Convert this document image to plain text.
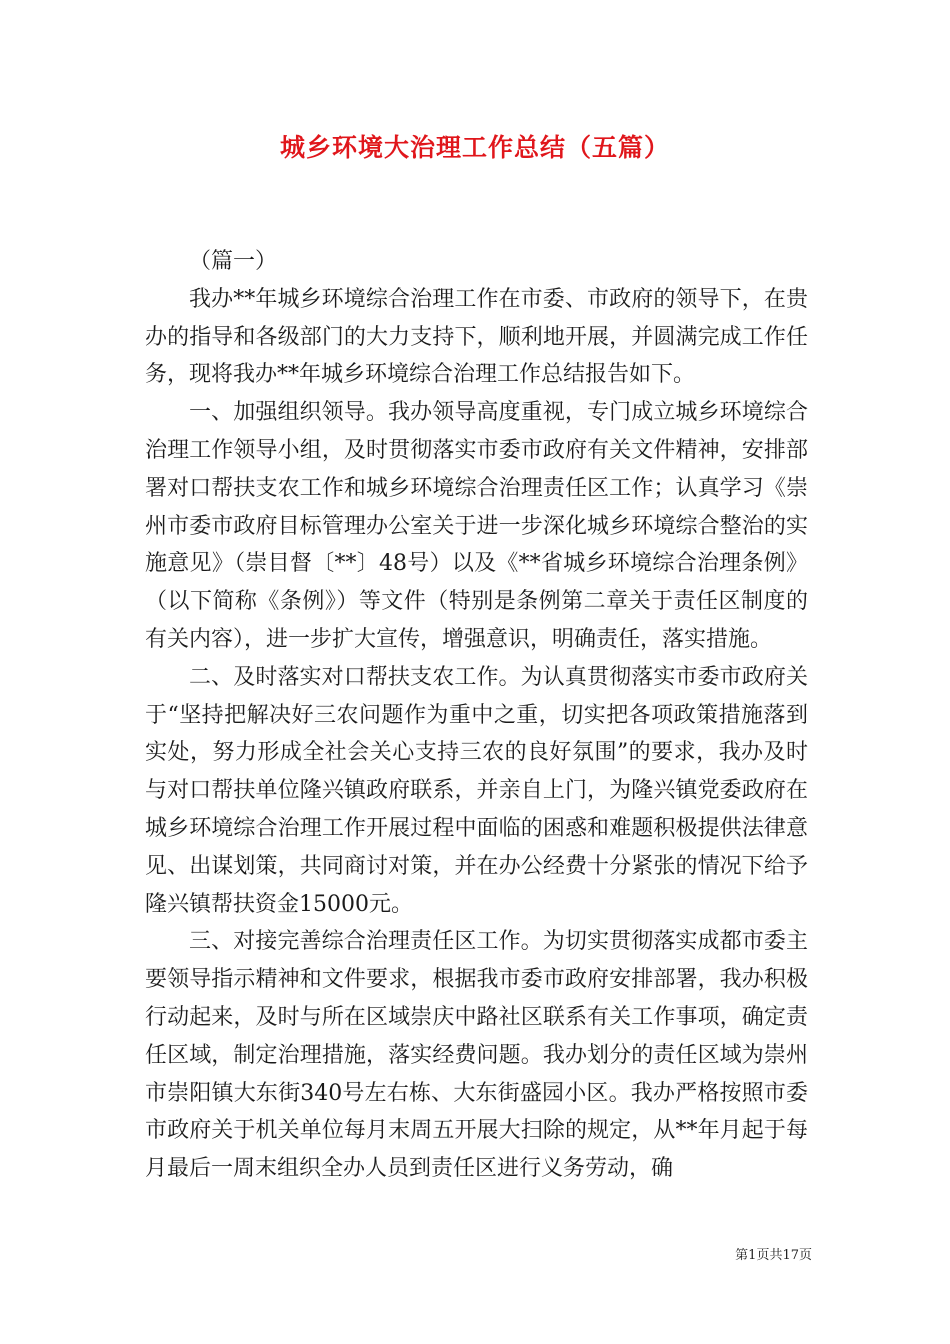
城乡环境大治理工作总结（五篇）

（篇一）

我办**年城乡环境综合治理工作在市委、市政府的领导下，在贵办的指导和各级部门的大力支持下，顺利地开展，并圆满完成工作任务，现将我办**年城乡环境综合治理工作总结报告如下。

一、加强组织领导。我办领导高度重视，专门成立城乡环境综合治理工作领导小组，及时贯彻落实市委市政府有关文件精神，安排部署对口帮扶支农工作和城乡环境综合治理责任区工作；认真学习《崇州市委市政府目标管理办公室关于进一步深化城乡环境综合整治的实施意见》（崇目督〔**〕48号）以及《**省城乡环境综合治理条例》（以下简称《条例》）等文件（特别是条例第二章关于责任区制度的有关内容），进一步扩大宣传，增强意识，明确责任，落实措施。

二、及时落实对口帮扶支农工作。为认真贯彻落实市委市政府关于“坚持把解决好三农问题作为重中之重，切实把各项政策措施落到实处，努力形成全社会关心支持三农的良好氛围”的要求，我办及时与对口帮扶单位隆兴镇政府联系，并亲自上门，为隆兴镇党委政府在城乡环境综合治理工作开展过程中面临的困惑和难题积极提供法律意见、出谋划策，共同商讨对策，并在办公经费十分紧张的情况下给予隆兴镇帮扶资金15000元。

三、对接完善综合治理责任区工作。为切实贯彻落实成都市委主要领导指示精神和文件要求，根据我市委市政府安排部署，我办积极行动起来，及时与所在区域崇庆中路社区联系有关工作事项，确定责任区域，制定治理措施，落实经费问题。我办划分的责任区域为崇州市崇阳镇大东街340号左右栋、大东街盛园小区。我办严格按照市委市政府关于机关单位每月末周五开展大扫除的规定，从**年月起于每月最后一周末组织全办人员到责任区进行义务劳动，确

第1页共17页
